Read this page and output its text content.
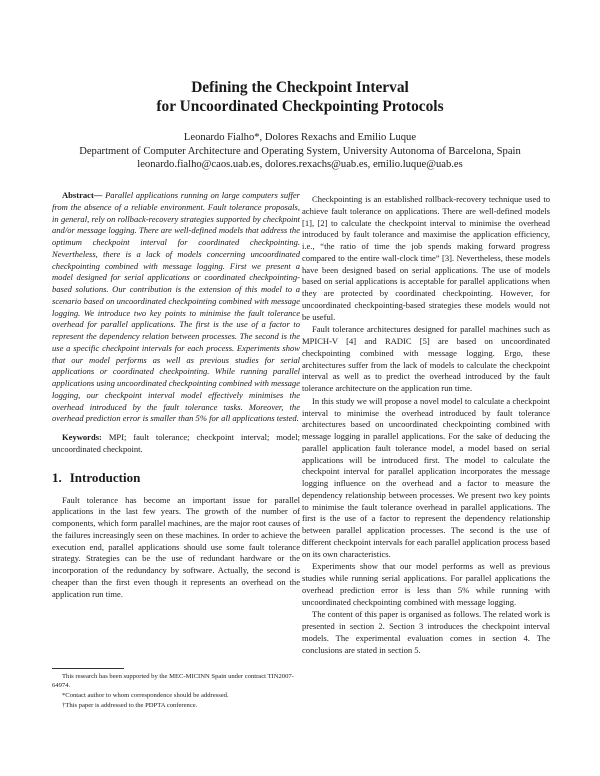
Defining the Checkpoint Interval
for Uncoordinated Checkpointing Protocols
Leonardo Fialho*, Dolores Rexachs and Emilio Luque
Department of Computer Architecture and Operating System, University Autonoma of Barcelona, Spain
leonardo.fialho@caos.uab.es, dolores.rexachs@uab.es, emilio.luque@uab.es

Abstract— Parallel applications running on large computers suffer from the absence of a reliable environment. Fault tolerance proposals, in general, rely on rollback-recovery strategies supported by checkpoint and/or message logging. There are well-defined models that address the optimum checkpoint interval for coordinated checkpointing. Nevertheless, there is a lack of models concerning uncoordinated checkpointing combined with message logging. First we present a model designed for serial applications or coordinated checkpointing-based solutions. Our contribution is the extension of this model to a scenario based on uncoordinated checkpointing combined with message logging. We introduce two key points to minimise the fault tolerance overhead for parallel applications. The first is the use of a factor to represent the dependency relation between processes. The second is the use a specific checkpoint intervals for each process. Experiments show that our model performs as well as previous studies for serial applications or coordinated checkpointing. While running parallel applications using uncoordinated checkpointing combined with message logging, our checkpoint interval model effectively minimises the overhead introduced by the fault tolerance tasks. Moreover, the overhead prediction error is smaller than 5% for all applications tested.

Keywords: MPI; fault tolerance; checkpoint interval; model; uncoordinated checkpoint.

1. Introduction

Fault tolerance has become an important issue for parallel applications in the last few years. The growth of the number of components, which form parallel machines, are the major root causes of the failures increasingly seen on these machines. In order to achieve the execution end, parallel applications should use some fault tolerance strategy. Strategies can be the use of redundant hardware or the incorporation of the redundancy by software. Actually, the second is cheaper than the first even though it represents an overhead on the application run time.

This research has been supported by the MEC-MICINN Spain under contract TIN2007-64974.

*Contact author to whom correspondence should be addressed.

†This paper is addressed to the PDPTA conference.

Checkpointing is an established rollback-recovery technique used to achieve fault tolerance on applications. There are well-defined models [1], [2] to calculate the checkpoint interval to minimise the overhead introduced by fault tolerance and maximise the application efficiency, i.e., “the ratio of time the job spends making forward progress compared to the entire wall-clock time” [3]. Nevertheless, these models have been designed based on serial applications. The use of models based on serial applications is acceptable for parallel applications when they are protected by coordinated checkpointing. However, for uncoordinated checkpointing-based strategies these models would not be useful.

Fault tolerance architectures designed for parallel machines such as MPICH-V [4] and RADIC [5] are based on uncoordinated checkpointing combined with message logging. Ergo, these architectures suffer from the lack of models to calculate the checkpoint interval as well as to predict the overhead introduced by the fault tolerance architecture on the application run time.

In this study we will propose a novel model to calculate a checkpoint interval to minimise the overhead introduced by fault tolerance architectures based on uncoordinated checkpointing combined with message logging in parallel applications. For the sake of deducing the parallel application fault tolerance model, a model based on serial applications will be introduced first. The model to calculate the checkpoint interval for parallel application incorporates the message logging influence on the overhead and a factor to measure the dependency relationship between processes. We present two key points to minimise the fault tolerance overhead in parallel applications. The first is the use of a factor to represent the dependency relationship between parallel application processes. The second is the use of different checkpoint intervals for each parallel application process based on its own characteristics.

Experiments show that our model performs as well as previous studies while running serial applications. For parallel applications the overhead prediction error is less than 5% while running with uncoordinated checkpointing combined with message logging.

The content of this paper is organised as follows. The related work is presented in section 2. Section 3 introduces the checkpoint interval models. The experimental evaluation comes in section 4. The conclusions are stated in section 5.
